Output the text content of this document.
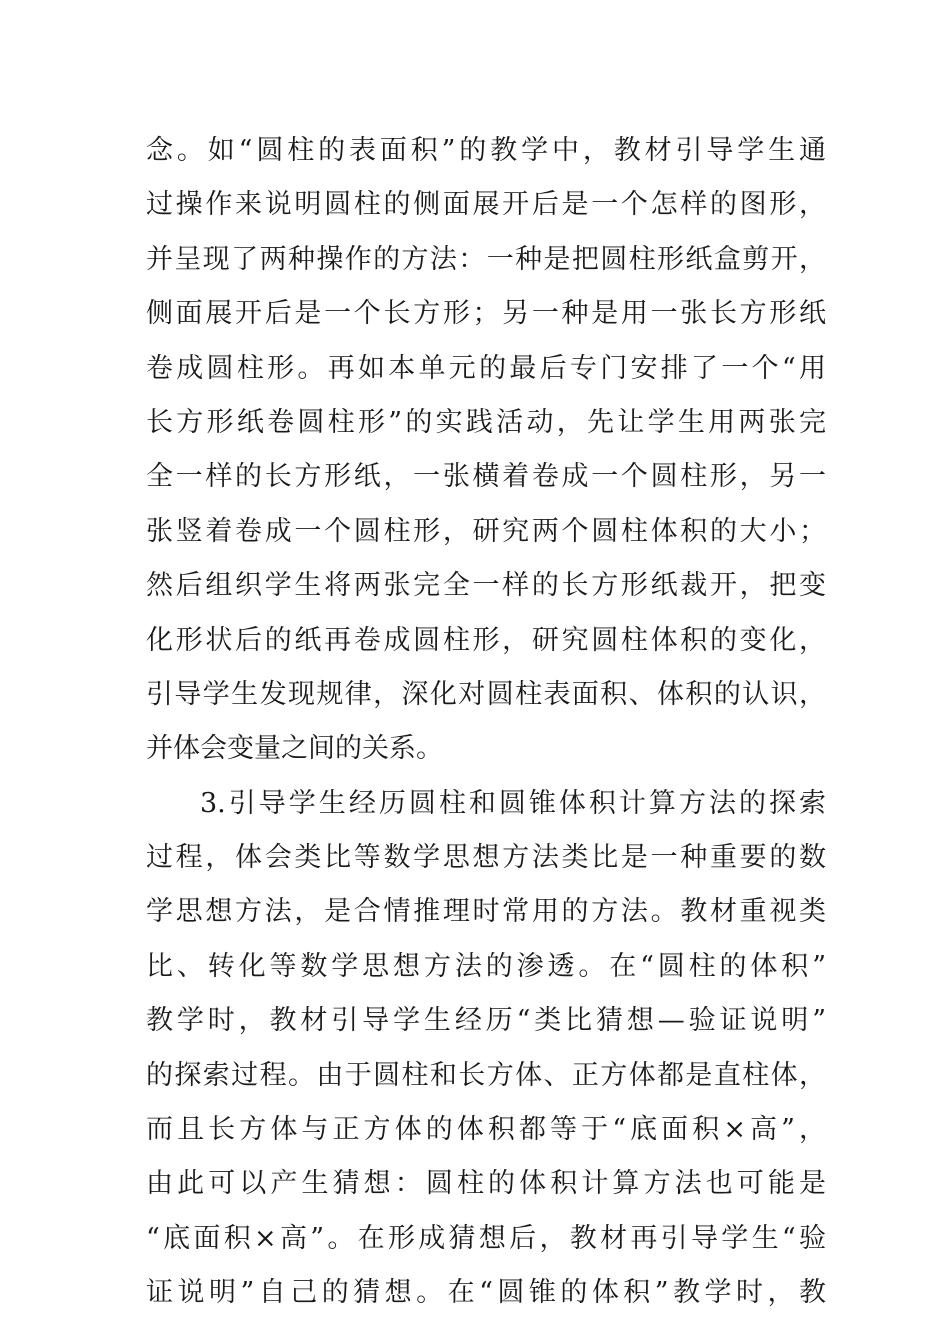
念。如“圆柱的表面积”的教学中，教材引导学生通
过操作来说明圆柱的侧面展开后是一个怎样的图形，
并呈现了两种操作的方法：一种是把圆柱形纸盒剪开，
侧面展开后是一个长方形；另一种是用一张长方形纸
卷成圆柱形。再如本单元的最后专门安排了一个“用
长方形纸卷圆柱形”的实践活动，先让学生用两张完
全一样的长方形纸，一张横着卷成一个圆柱形，另一
张竖着卷成一个圆柱形，研究两个圆柱体积的大小；
然后组织学生将两张完全一样的长方形纸裁开，把变
化形状后的纸再卷成圆柱形，研究圆柱体积的变化，
引导学生发现规律，深化对圆柱表面积、体积的认识，
并体会变量之间的关系。
3.引导学生经历圆柱和圆锥体积计算方法的探索
过程，体会类比等数学思想方法类比是一种重要的数
学思想方法，是合情推理时常用的方法。教材重视类
比、转化等数学思想方法的渗透。在“圆柱的体积”
教学时，教材引导学生经历“类比猜想—验证说明”
的探索过程。由于圆柱和长方体、正方体都是直柱体，
而且长方体与正方体的体积都等于“底面积×高”，
由此可以产生猜想：圆柱的体积计算方法也可能是
“底面积×高”。在形成猜想后，教材再引导学生“验
证说明”自己的猜想。在“圆锥的体积”教学时，教
